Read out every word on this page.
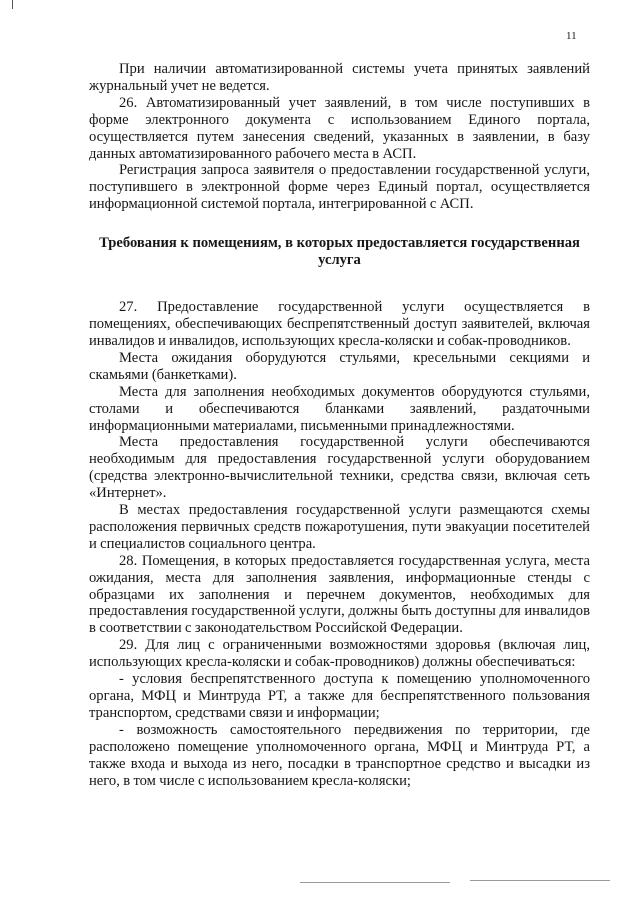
11

При наличии автоматизированной системы учета принятых заявлений журнальный учет не ведется.

26. Автоматизированный учет заявлений, в том числе поступивших в форме электронного документа с использованием Единого портала, осуществляется путем занесения сведений, указанных в заявлении, в базу данных автоматизированного рабочего места в АСП.

Регистрация запроса заявителя о предоставлении государственной услуги, поступившего в электронной форме через Единый портал, осуществляется информационной системой портала, интегрированной с АСП.

Требования к помещениям, в которых предоставляется государственная услуга

27. Предоставление государственной услуги осуществляется в помещениях, обеспечивающих беспрепятственный доступ заявителей, включая инвалидов и инвалидов, использующих кресла-коляски и собак-проводников.

Места ожидания оборудуются стульями, кресельными секциями и скамьями (банкетками).

Места для заполнения необходимых документов оборудуются стульями, столами и обеспечиваются бланками заявлений, раздаточными информационными материалами, письменными принадлежностями.

Места предоставления государственной услуги обеспечиваются необходимым для предоставления государственной услуги оборудованием (средства электронно-вычислительной техники, средства связи, включая сеть «Интернет».

В местах предоставления государственной услуги размещаются схемы расположения первичных средств пожаротушения, пути эвакуации посетителей и специалистов социального центра.

28. Помещения, в которых предоставляется государственная услуга, места ожидания, места для заполнения заявления, информационные стенды с образцами их заполнения и перечнем документов, необходимых для предоставления государственной услуги, должны быть доступны для инвалидов в соответствии с законодательством Российской Федерации.

29. Для лиц с ограниченными возможностями здоровья (включая лиц, использующих кресла-коляски и собак-проводников) должны обеспечиваться:

- условия беспрепятственного доступа к помещению уполномоченного органа, МФЦ и Минтруда РТ, а также для беспрепятственного пользования транспортом, средствами связи и информации;

- возможность самостоятельного передвижения по территории, где расположено помещение уполномоченного органа, МФЦ и Минтруда РТ, а также входа и выхода из него, посадки в транспортное средство и высадки из него, в том числе с использованием кресла-коляски;
